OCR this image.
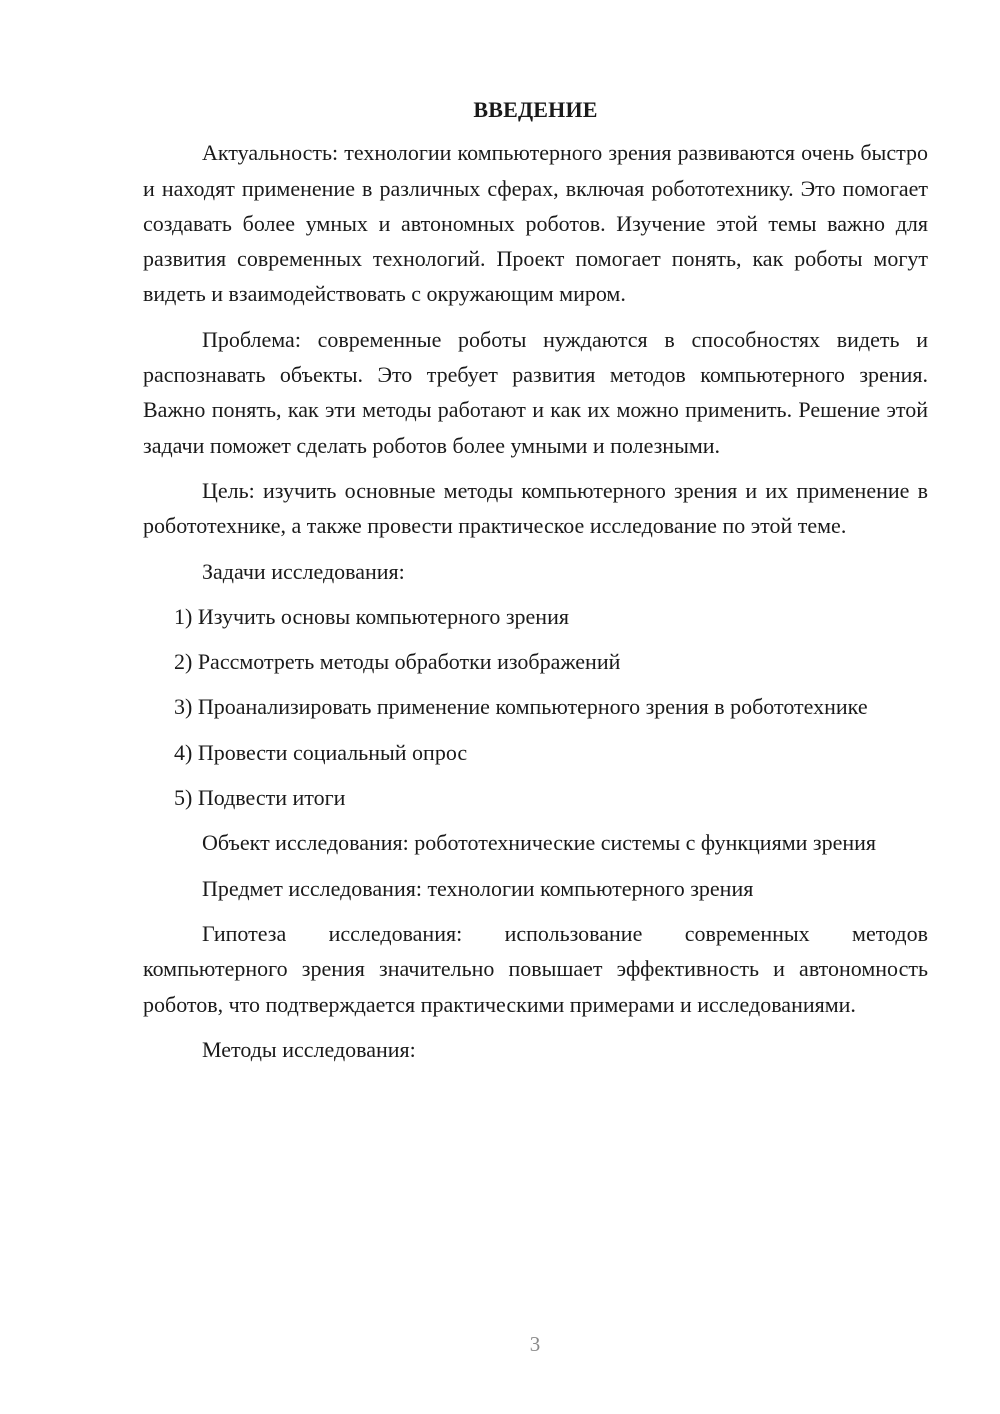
ВВЕДЕНИЕ

Актуальность: технологии компьютерного зрения развиваются очень быстро и находят применение в различных сферах, включая робототехнику. Это помогает создавать более умных и автономных роботов. Изучение этой темы важно для развития современных технологий. Проект помогает понять, как роботы могут видеть и взаимодействовать с окружающим миром.

Проблема: современные роботы нуждаются в способностях видеть и распознавать объекты. Это требует развития методов компьютерного зрения. Важно понять, как эти методы работают и как их можно применить. Решение этой задачи поможет сделать роботов более умными и полезными.

Цель: изучить основные методы компьютерного зрения и их применение в робототехнике, а также провести практическое исследование по этой теме.

Задачи исследования:

1) Изучить основы компьютерного зрения

2) Рассмотреть методы обработки изображений

3) Проанализировать применение компьютерного зрения в робототехнике

4) Провести социальный опрос

5) Подвести итоги

Объект исследования: робототехнические системы с функциями зрения

Предмет исследования: технологии компьютерного зрения

Гипотеза исследования: использование современных методов компьютерного зрения значительно повышает эффективность и автономность роботов, что подтверждается практическими примерами и исследованиями.

Методы исследования:

3
